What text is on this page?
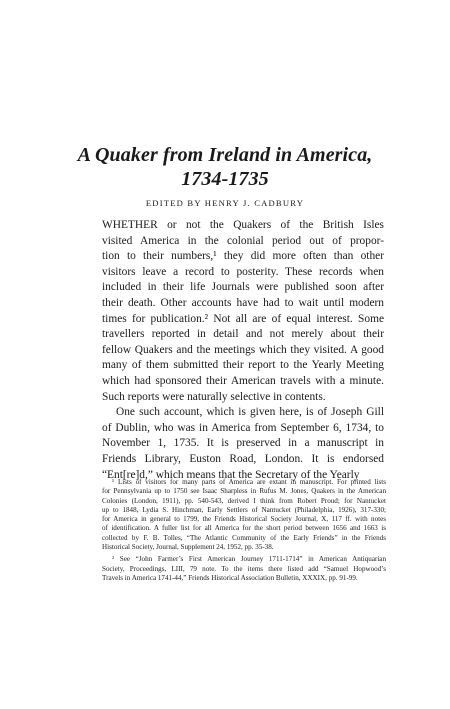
A Quaker from Ireland in America,
1734-1735
EDITED BY HENRY J. CADBURY
WHETHER or not the Quakers of the British Isles
visited America in the colonial period out of propor-
tion to their numbers,¹ they did more often than other
visitors leave a record to posterity. These records when
included in their life Journals were published soon after
their death. Other accounts have had to wait until modern
times for publication.² Not all are of equal interest. Some
travellers reported in detail and not merely about their
fellow Quakers and the meetings which they visited. A good
many of them submitted their report to the Yearly Meeting
which had sponsored their American travels with a minute.
Such reports were naturally selective in contents.
One such account, which is given here, is of Joseph Gill
of Dublin, who was in America from September 6, 1734, to
November 1, 1735. It is preserved in a manuscript in
Friends Library, Euston Road, London. It is endorsed
“Ent[re]d,” which means that the Secretary of the Yearly
¹ Lists of visitors for many parts of America are extant in manuscript. For printed lists
for Pennsylvania up to 1750 see Isaac Sharpless in Rufus M. Jones, Quakers in the American
Colonies (London, 1911), pp. 540-543, derived I think from Robert Proud; for Nantucket
up to 1848, Lydia S. Hinchman, Early Settlers of Nantucket (Philadelphia, 1926), 317-330;
for America in general to 1799, the Friends Historical Society Journal, X, 117 ff. with notes
of identification. A fuller list for all America for the short period between 1656 and 1663 is
collected by F. B. Tolles, “The Atlantic Community of the Early Friends” in the Friends
Historical Society, Journal, Supplement 24, 1952, pp. 35-38.
² See “John Farmer’s First American Journey 1711-1714” in American Antiquarian
Society, Proceedings, LIII, 79 note. To the items there listed add “Samuel Hopwood’s
Travels in America 1741-44,” Friends Historical Association Bulletin, XXXIX, pp. 91-99.
